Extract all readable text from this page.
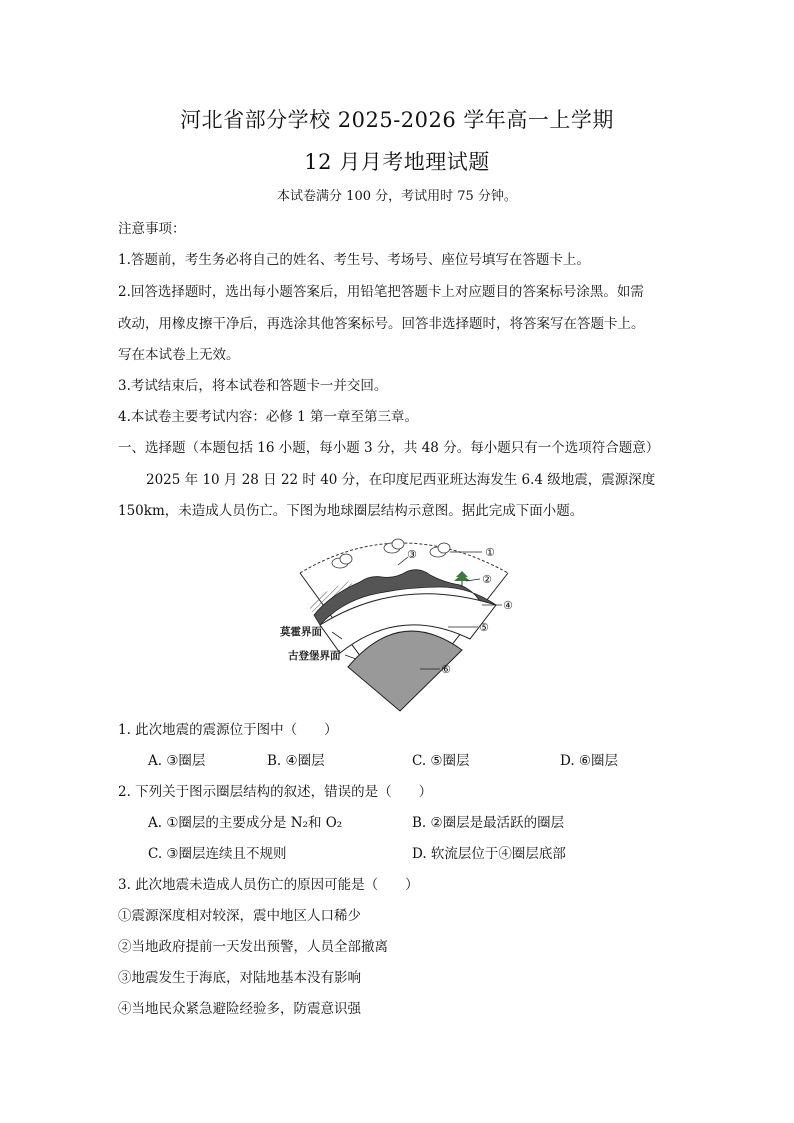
河北省部分学校 2025-2026 学年高一上学期
12 月月考地理试题
本试卷满分 100 分，考试用时 75 分钟。
注意事项：
1.答题前，考生务必将自己的姓名、考生号、考场号、座位号填写在答题卡上。
2.回答选择题时，选出每小题答案后，用铅笔把答题卡上对应题目的答案标号涂黑。如需
改动，用橡皮擦干净后，再选涂其他答案标号。回答非选择题时，将答案写在答题卡上。
写在本试卷上无效。
3.考试结束后，将本试卷和答题卡一并交回。
4.本试卷主要考试内容：必修 1 第一章至第三章。
一、选择题（本题包括 16 小题，每小题 3 分，共 48 分。每小题只有一个选项符合题意）
2025 年 10 月 28 日 22 时 40 分，在印度尼西亚班达海发生 6.4 级地震，震源深度
150km，未造成人员伤亡。下图为地球圈层结构示意图。据此完成下面小题。
①
②
③
④
⑤
⑥
莫霍界面
古登堡界面
1. 此次地震的震源位于图中（　　）
A. ③圈层	B. ④圈层	C. ⑤圈层	D. ⑥圈层
2. 下列关于图示圈层结构的叙述，错误的是（　　）
A. ①圈层的主要成分是 N₂和 O₂	B. ②圈层是最活跃的圈层
C. ③圈层连续且不规则	D. 软流层位于④圈层底部
3. 此次地震未造成人员伤亡的原因可能是（　　）
①震源深度相对较深，震中地区人口稀少
②当地政府提前一天发出预警，人员全部撤离
③地震发生于海底，对陆地基本没有影响
④当地民众紧急避险经验多，防震意识强
